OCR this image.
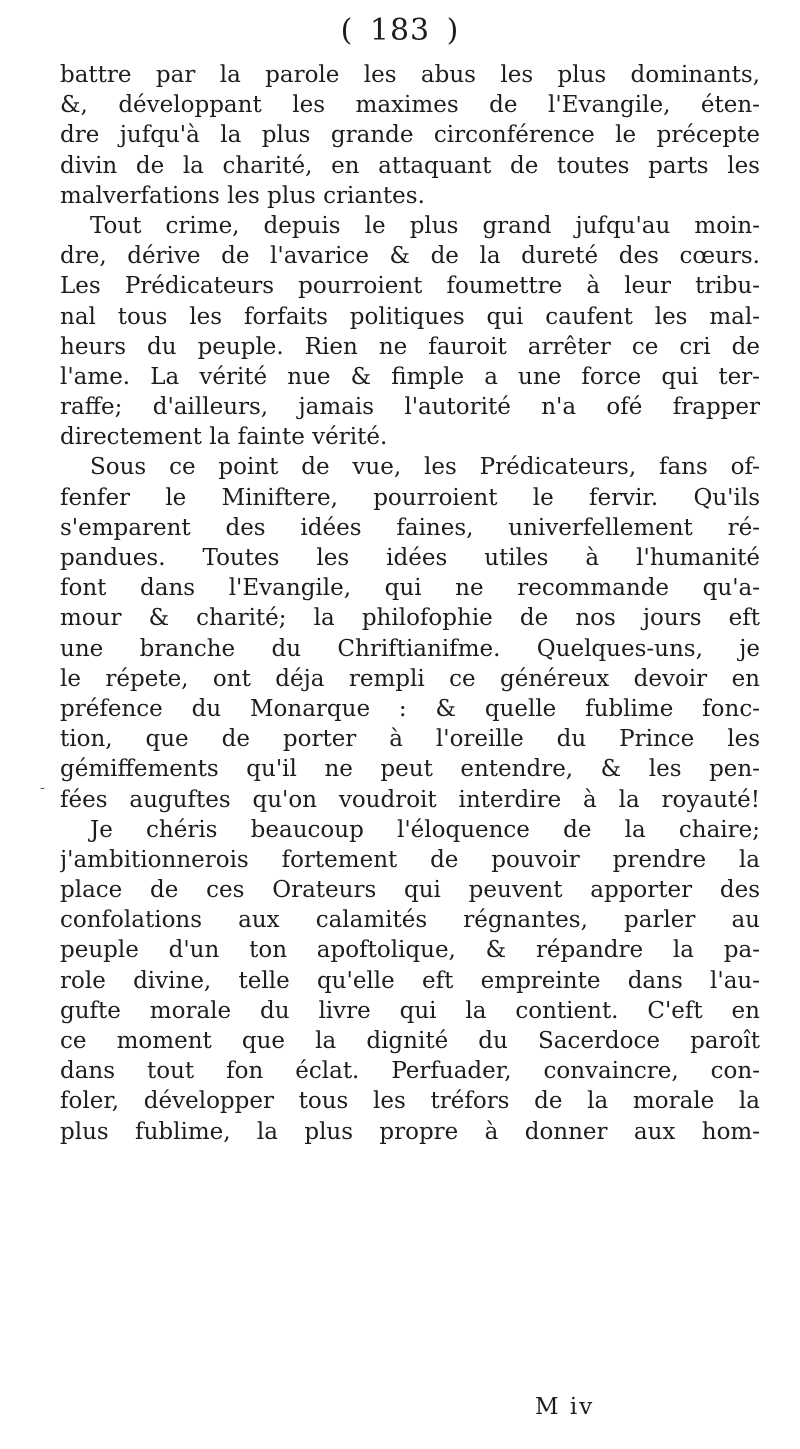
( 183 )
-
battre par la parole les abus les plus dominants,
&, développant les maximes de l'Evangile, éten-
dre jufqu'à la plus grande circonférence le précepte
divin de la charité, en attaquant de toutes parts les
malverfations les plus criantes.
Tout crime, depuis le plus grand jufqu'au moin-
dre, dérive de l'avarice & de la dureté des cœurs.
Les Prédicateurs pourroient foumettre à leur tribu-
nal tous les forfaits politiques qui caufent les mal-
heurs du peuple. Rien ne fauroit arrêter ce cri de
l'ame. La vérité nue & fimple a une force qui ter-
raffe; d'ailleurs, jamais l'autorité n'a ofé frapper
directement la fainte vérité.
Sous ce point de vue, les Prédicateurs, fans of-
fenfer le Miniftere, pourroient le fervir. Qu'ils
s'emparent des idées faines, univerfellement ré-
pandues. Toutes les idées utiles à l'humanité
font dans l'Evangile, qui ne recommande qu'a-
mour & charité; la philofophie de nos jours eft
une branche du Chriftianifme. Quelques-uns, je
le répete, ont déja rempli ce généreux devoir en
préfence du Monarque : & quelle fublime fonc-
tion, que de porter à l'oreille du Prince les
gémiffements qu'il ne peut entendre, & les pen-
fées auguftes qu'on voudroit interdire à la royauté!
Je chéris beaucoup l'éloquence de la chaire;
j'ambitionnerois fortement de pouvoir prendre la
place de ces Orateurs qui peuvent apporter des
confolations aux calamités régnantes, parler au
peuple d'un ton apoftolique, & répandre la pa-
role divine, telle qu'elle eft empreinte dans l'au-
gufte morale du livre qui la contient. C'eft en
ce moment que la dignité du Sacerdoce paroît
dans tout fon éclat. Perfuader, convaincre, con-
foler, développer tous les tréfors de la morale la
plus fublime, la plus propre à donner aux hom-
M iv
